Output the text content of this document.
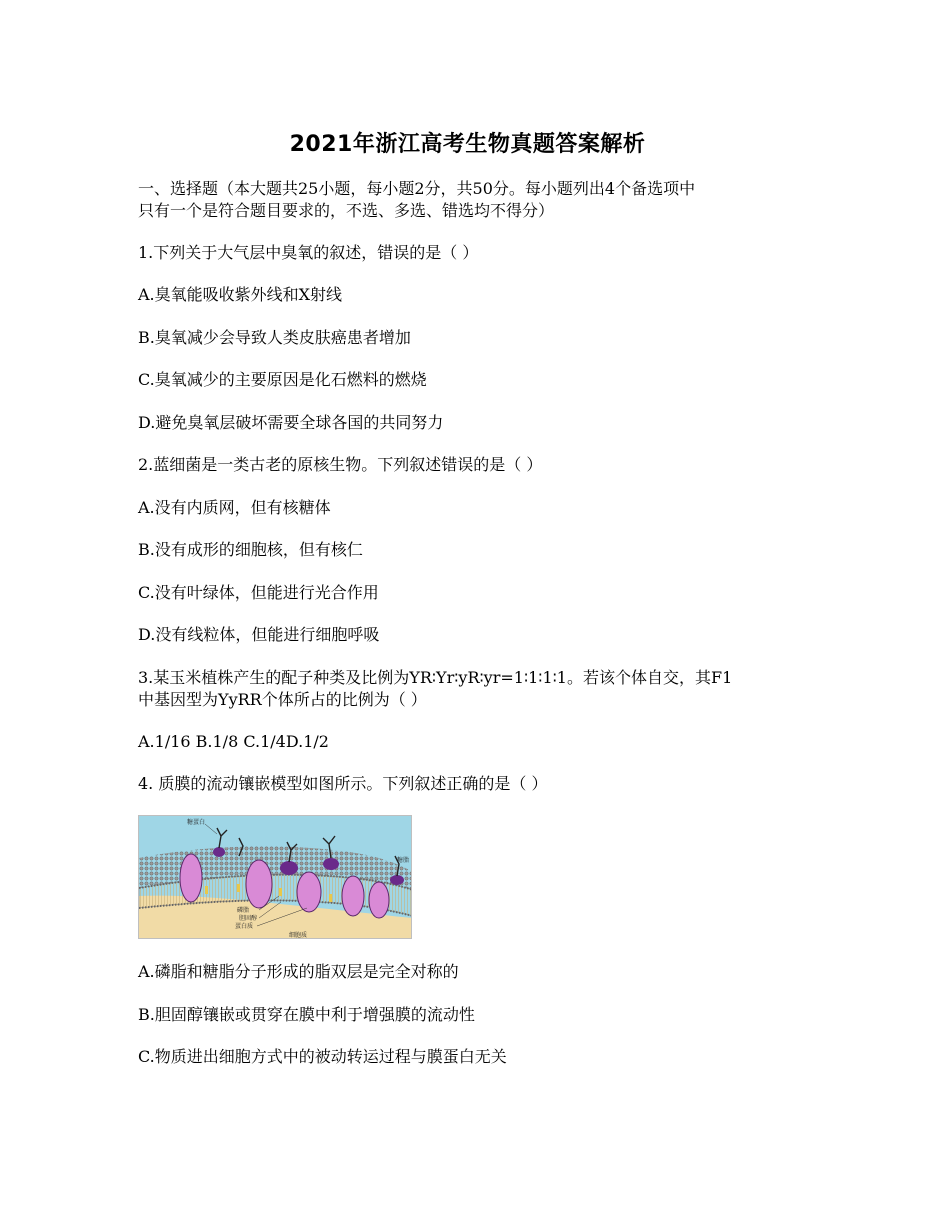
2021年浙江高考生物真题答案解析
一、选择题（本大题共25小题，每小题2分，共50分。每小题列出4个备选项中
只有一个是符合题目要求的，不选、多选、错选均不得分）
1.下列关于大气层中臭氧的叙述，错误的是（ ）
A.臭氧能吸收紫外线和X射线
B.臭氧减少会导致人类皮肤癌患者增加
C.臭氧减少的主要原因是化石燃料的燃烧
D.避免臭氧层破坏需要全球各国的共同努力
2.蓝细菌是一类古老的原核生物。下列叙述错误的是（ ）
A.没有内质网，但有核糖体
B.没有成形的细胞核，但有核仁
C.没有叶绿体，但能进行光合作用
D.没有线粒体，但能进行细胞呼吸
3.某玉米植株产生的配子种类及比例为YR∶Yr∶yR∶yr=1∶1∶1∶1。若该个体自交，其F1
中基因型为YyRR个体所占的比例为（ ）
A.1/16 B.1/8 C.1/4D.1/2
4. 质膜的流动镶嵌模型如图所示。下列叙述正确的是（ ）
糖蛋白
糖脂
磷脂
胆固醇
蛋白质
细胞质
A.磷脂和糖脂分子形成的脂双层是完全对称的
B.胆固醇镶嵌或贯穿在膜中利于增强膜的流动性
C.物质进出细胞方式中的被动转运过程与膜蛋白无关
